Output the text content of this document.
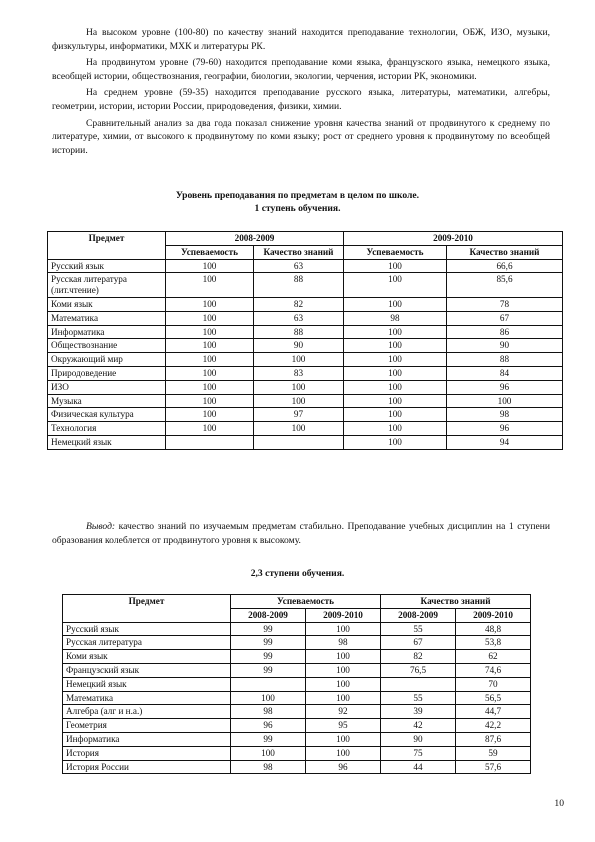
На высоком уровне (100-80) по качеству знаний находится преподавание технологии, ОБЖ, ИЗО, музыки, физкультуры, информатики, МХК и литературы РК.

На продвинутом уровне (79-60) находится преподавание коми языка, французского языка, немецкого языка, всеобщей истории, обществознания, географии, биологии, экологии, черчения, истории РК, экономики.

На среднем уровне (59-35) находится преподавание русского языка, литературы, математики, алгебры, геометрии, истории, истории России, природоведения, физики, химии.

Сравнительный анализ за два года показал снижение уровня качества знаний от продвинутого к среднему по литературе, химии, от высокого к продвинутому по коми языку; рост от среднего уровня к продвинутому по всеобщей истории.

Уровень преподавания по предметам в целом по школе.
1 ступень обучения.
Предмет	2008-2009		2009-2010	
	Успеваемость	Качество знаний	Успеваемость	Качество знаний
Русский язык	100	63	100	66,6
Русская литература (лит.чтение)	100	88	100	85,6
Коми язык	100	82	100	78
Математика	100	63	98	67
Информатика	100	88	100	86
Обществознание	100	90	100	90
Окружающий мир	100	100	100	88
Природоведение	100	83	100	84
ИЗО	100	100	100	96
Музыка	100	100	100	100
Физическая культура	100	97	100	98
Технология	100	100	100	96
Немецкий язык			100	94

Вывод: качество знаний по изучаемым предметам стабильно. Преподавание учебных дисциплин на 1 ступени образования колеблется от продвинутого уровня к высокому.

2,3 ступени обучения.
Предмет	Успеваемость		Качество знаний	
	2008-2009	2009-2010	2008-2009	2009-2010
Русский язык	99	100	55	48,8
Русская литература	99	98	67	53,8
Коми язык	99	100	82	62
Французский язык	99	100	76,5	74,6
Немецкий язык		100		70
Математика	100	100	55	56,5
Алгебра (алг и н.а.)	98	92	39	44,7
Геометрия	96	95	42	42,2
Информатика	99	100	90	87,6
История	100	100	75	59
История России	98	96	44	57,6
10
